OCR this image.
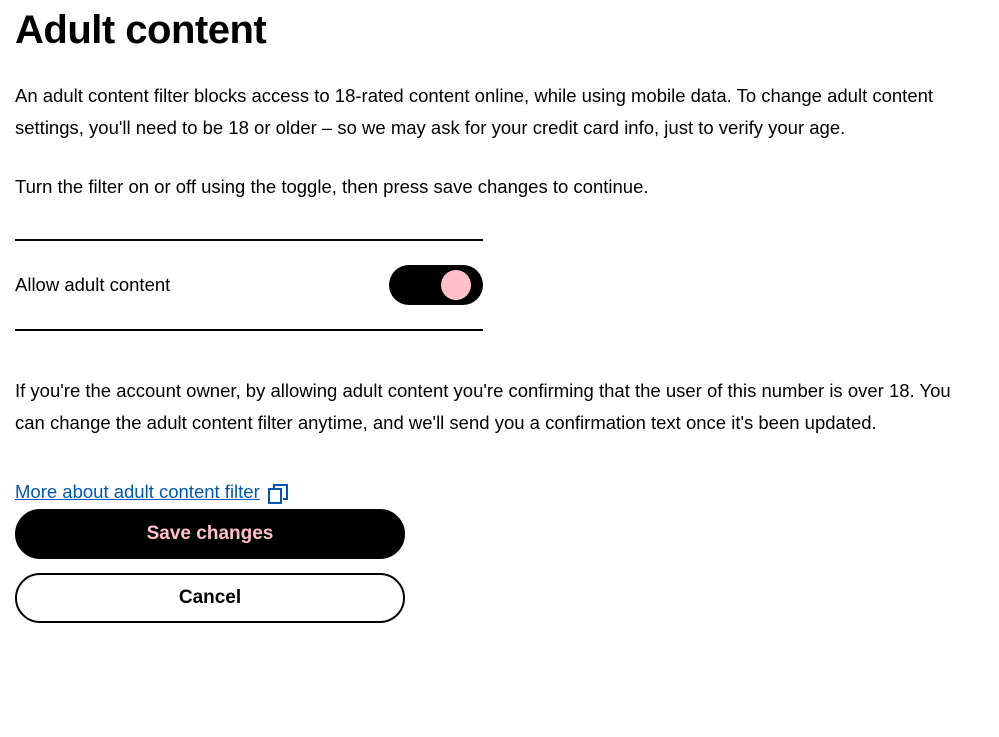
Adult content

An adult content filter blocks access to 18-rated content online, while using mobile data. To change adult content settings, you'll need to be 18 or older – so we may ask for your credit card info, just to verify your age.

Turn the filter on or off using the toggle, then press save changes to continue.

Allow adult content

If you're the account owner, by allowing adult content you're confirming that the user of this number is over 18. You can change the adult content filter anytime, and we'll send you a confirmation text once it's been updated.

More about adult content filter
Save changes
Cancel
